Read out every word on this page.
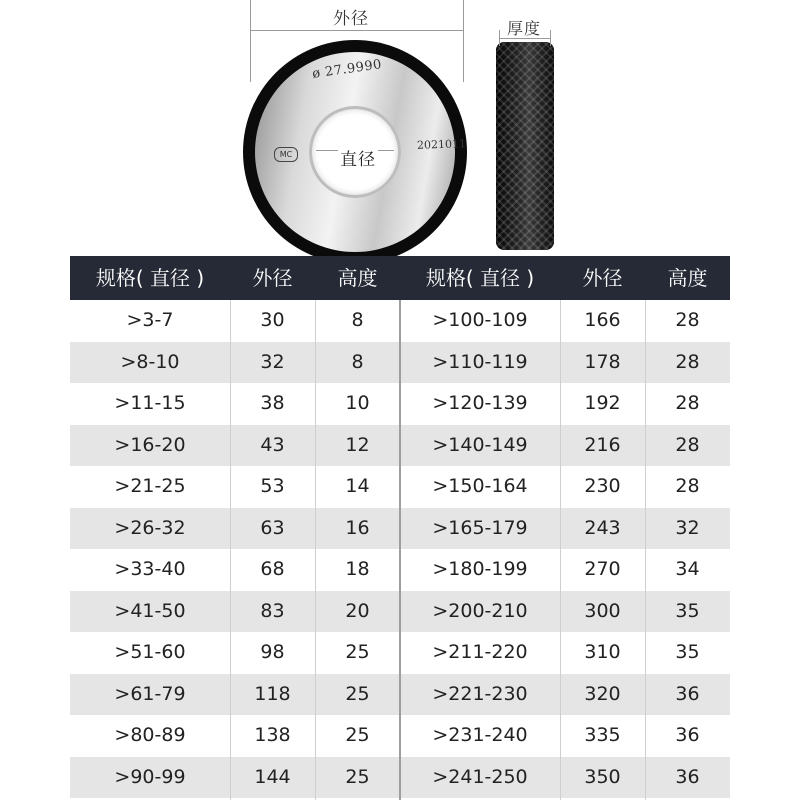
外径
ø 27.9990
2021011
MC	直径
厚度
规格( 直径 )	外径	高度	规格( 直径 )	外径	高度
>3-7	30	8	>100-109	166	28
>8-10	32	8	>110-119	178	28
>11-15	38	10	>120-139	192	28
>16-20	43	12	>140-149	216	28
>21-25	53	14	>150-164	230	28
>26-32	63	16	>165-179	243	32
>33-40	68	18	>180-199	270	34
>41-50	83	20	>200-210	300	35
>51-60	98	25	>211-220	310	35
>61-79	118	25	>221-230	320	36
>80-89	138	25	>231-240	335	36
>90-99	144	25	>241-250	350	36
